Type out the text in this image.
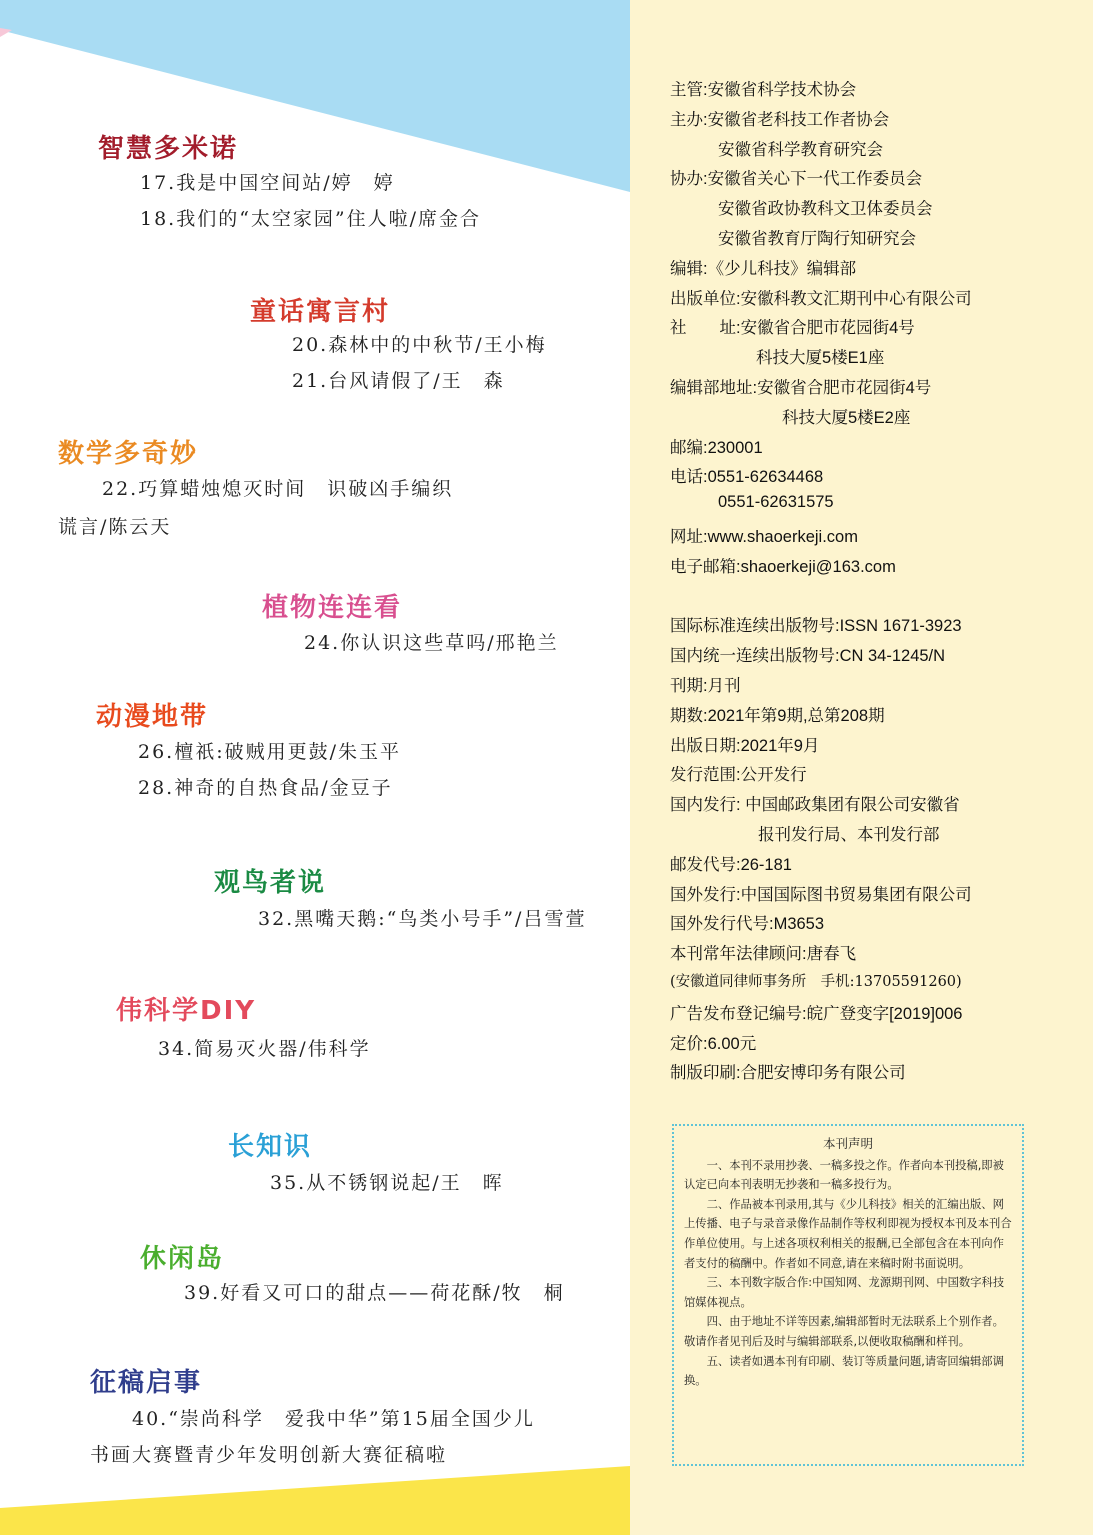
智慧多米诺
17.我是中国空间站/婷　婷
18.我们的“太空家园”住人啦/席金合
童话寓言村
20.森林中的中秋节/王小梅
21.台风请假了/王　森
数学多奇妙
22.巧算蜡烛熄灭时间　识破凶手编织
谎言/陈云天
植物连连看
24.你认识这些草吗/邢艳兰
动漫地带
26.檀祇:破贼用更鼓/朱玉平
28.神奇的自热食品/金豆子
观鸟者说
32.黑嘴天鹅:“鸟类小号手”/吕雪萱
伟科学DIY
34.简易灭火器/伟科学
长知识
35.从不锈钢说起/王　晖
休闲岛
39.好看又可口的甜点——荷花酥/牧　桐
征稿启事
40.“崇尚科学　爱我中华”第15届全国少儿
书画大赛暨青少年发明创新大赛征稿啦
主管:安徽省科学技术协会
主办:安徽省老科技工作者协会
安徽省科学教育研究会
协办:安徽省关心下一代工作委员会
安徽省政协教科文卫体委员会
安徽省教育厅陶行知研究会
编辑:《少儿科技》编辑部
出版单位:安徽科教文汇期刊中心有限公司
社　　址:安徽省合肥市花园街4号
科技大厦5楼E1座
编辑部地址:安徽省合肥市花园街4号
科技大厦5楼E2座
邮编:230001
电话:0551-62634468
0551-62631575
网址:www.shaoerkeji.com
电子邮箱:shaoerkeji@163.com
国际标准连续出版物号:ISSN 1671-3923
国内统一连续出版物号:CN 34-1245/N
刊期:月刊
期数:2021年第9期,总第208期
出版日期:2021年9月
发行范围:公开发行
国内发行: 中国邮政集团有限公司安徽省
报刊发行局、本刊发行部
邮发代号:26-181
国外发行:中国国际图书贸易集团有限公司
国外发行代号:M3653
本刊常年法律顾问:唐春飞
(安徽道同律师事务所　手机:13705591260)
广告发布登记编号:皖广登变字[2019]006
定价:6.00元
制版印刷:合肥安博印务有限公司
本刊声明

一、本刊不录用抄袭、一稿多投之作。作者向本刊投稿,即被认定已向本刊表明无抄袭和一稿多投行为。

二、作品被本刊录用,其与《少儿科技》相关的汇编出版、网上传播、电子与录音录像作品制作等权利即视为授权本刊及本刊合作单位使用。与上述各项权利相关的报酬,已全部包含在本刊向作者支付的稿酬中。作者如不同意,请在来稿时附书面说明。

三、本刊数字版合作:中国知网、龙源期刊网、中国数字科技馆媒体视点。

四、由于地址不详等因素,编辑部暂时无法联系上个别作者。敬请作者见刊后及时与编辑部联系,以便收取稿酬和样刊。

五、读者如遇本刊有印刷、装订等质量问题,请寄回编辑部调换。
